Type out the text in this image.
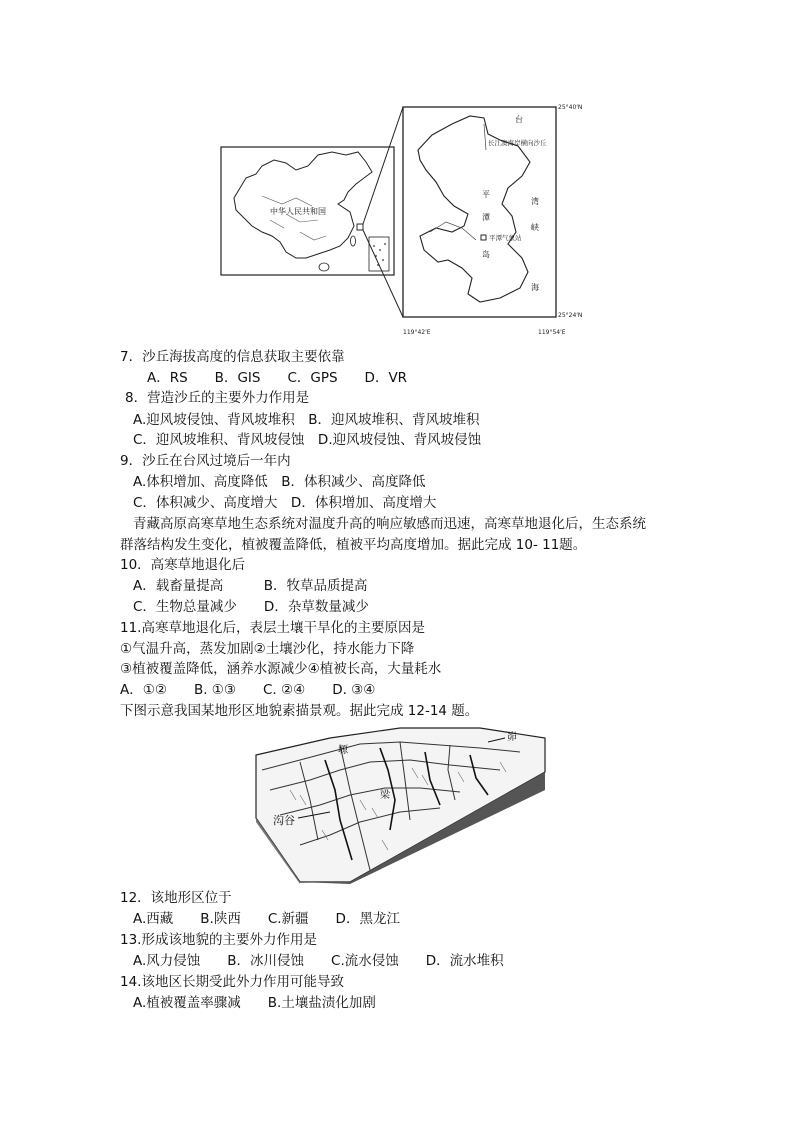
中华人民共和国
25°40'N
25°24'N
119°42'E	119°54'E
长江澳海岸横向沙丘
平潭气象站
台
平
潭
岛
湾
峡
海
7．沙丘海拔高度的信息获取主要依靠
A．RS　　B．GIS　　C．GPS　　D．VR
8．营造沙丘的主要外力作用是
A.迎风坡侵蚀、背风坡堆积　B．迎风坡堆积、背风坡堆积
C．迎风坡堆积、背风坡侵蚀　D.迎风坡侵蚀、背风坡侵蚀
9．沙丘在台风过境后一年内
A.体积增加、高度降低　B．体积减少、高度降低
C．体积减少、高度增大　D．体积增加、高度增大
青藏高原高寒草地生态系统对温度升高的响应敏感而迅速，高寒草地退化后，生态系统
群落结构发生变化，植被覆盖降低，植被平均高度增加。据此完成 10- 11题。
10．高寒草地退化后
A．载畜量提高　　　B．牧草品质提高
C．生物总量减少　　D．杂草数量减少
11.高寒草地退化后，表层土壤干旱化的主要原因是
①气温升高，蒸发加剧②土壤沙化，持水能力下降
③植被覆盖降低，涵养水源减少④植被长高，大量耗水
A．①②　　B. ①③　　C. ②④　　D. ③④
下图示意我国某地形区地貌素描景观。据此完成 12-14 题。
沟谷
塬
梁
峁
12．该地形区位于
A.西藏　　B.陕西　　C.新疆　　D．黑龙江
13.形成该地貌的主要外力作用是
A.风力侵蚀　　B．冰川侵蚀　　C.流水侵蚀　　D．流水堆积
14.该地区长期受此外力作用可能导致
A.植被覆盖率骤减　　B.土壤盐渍化加剧
